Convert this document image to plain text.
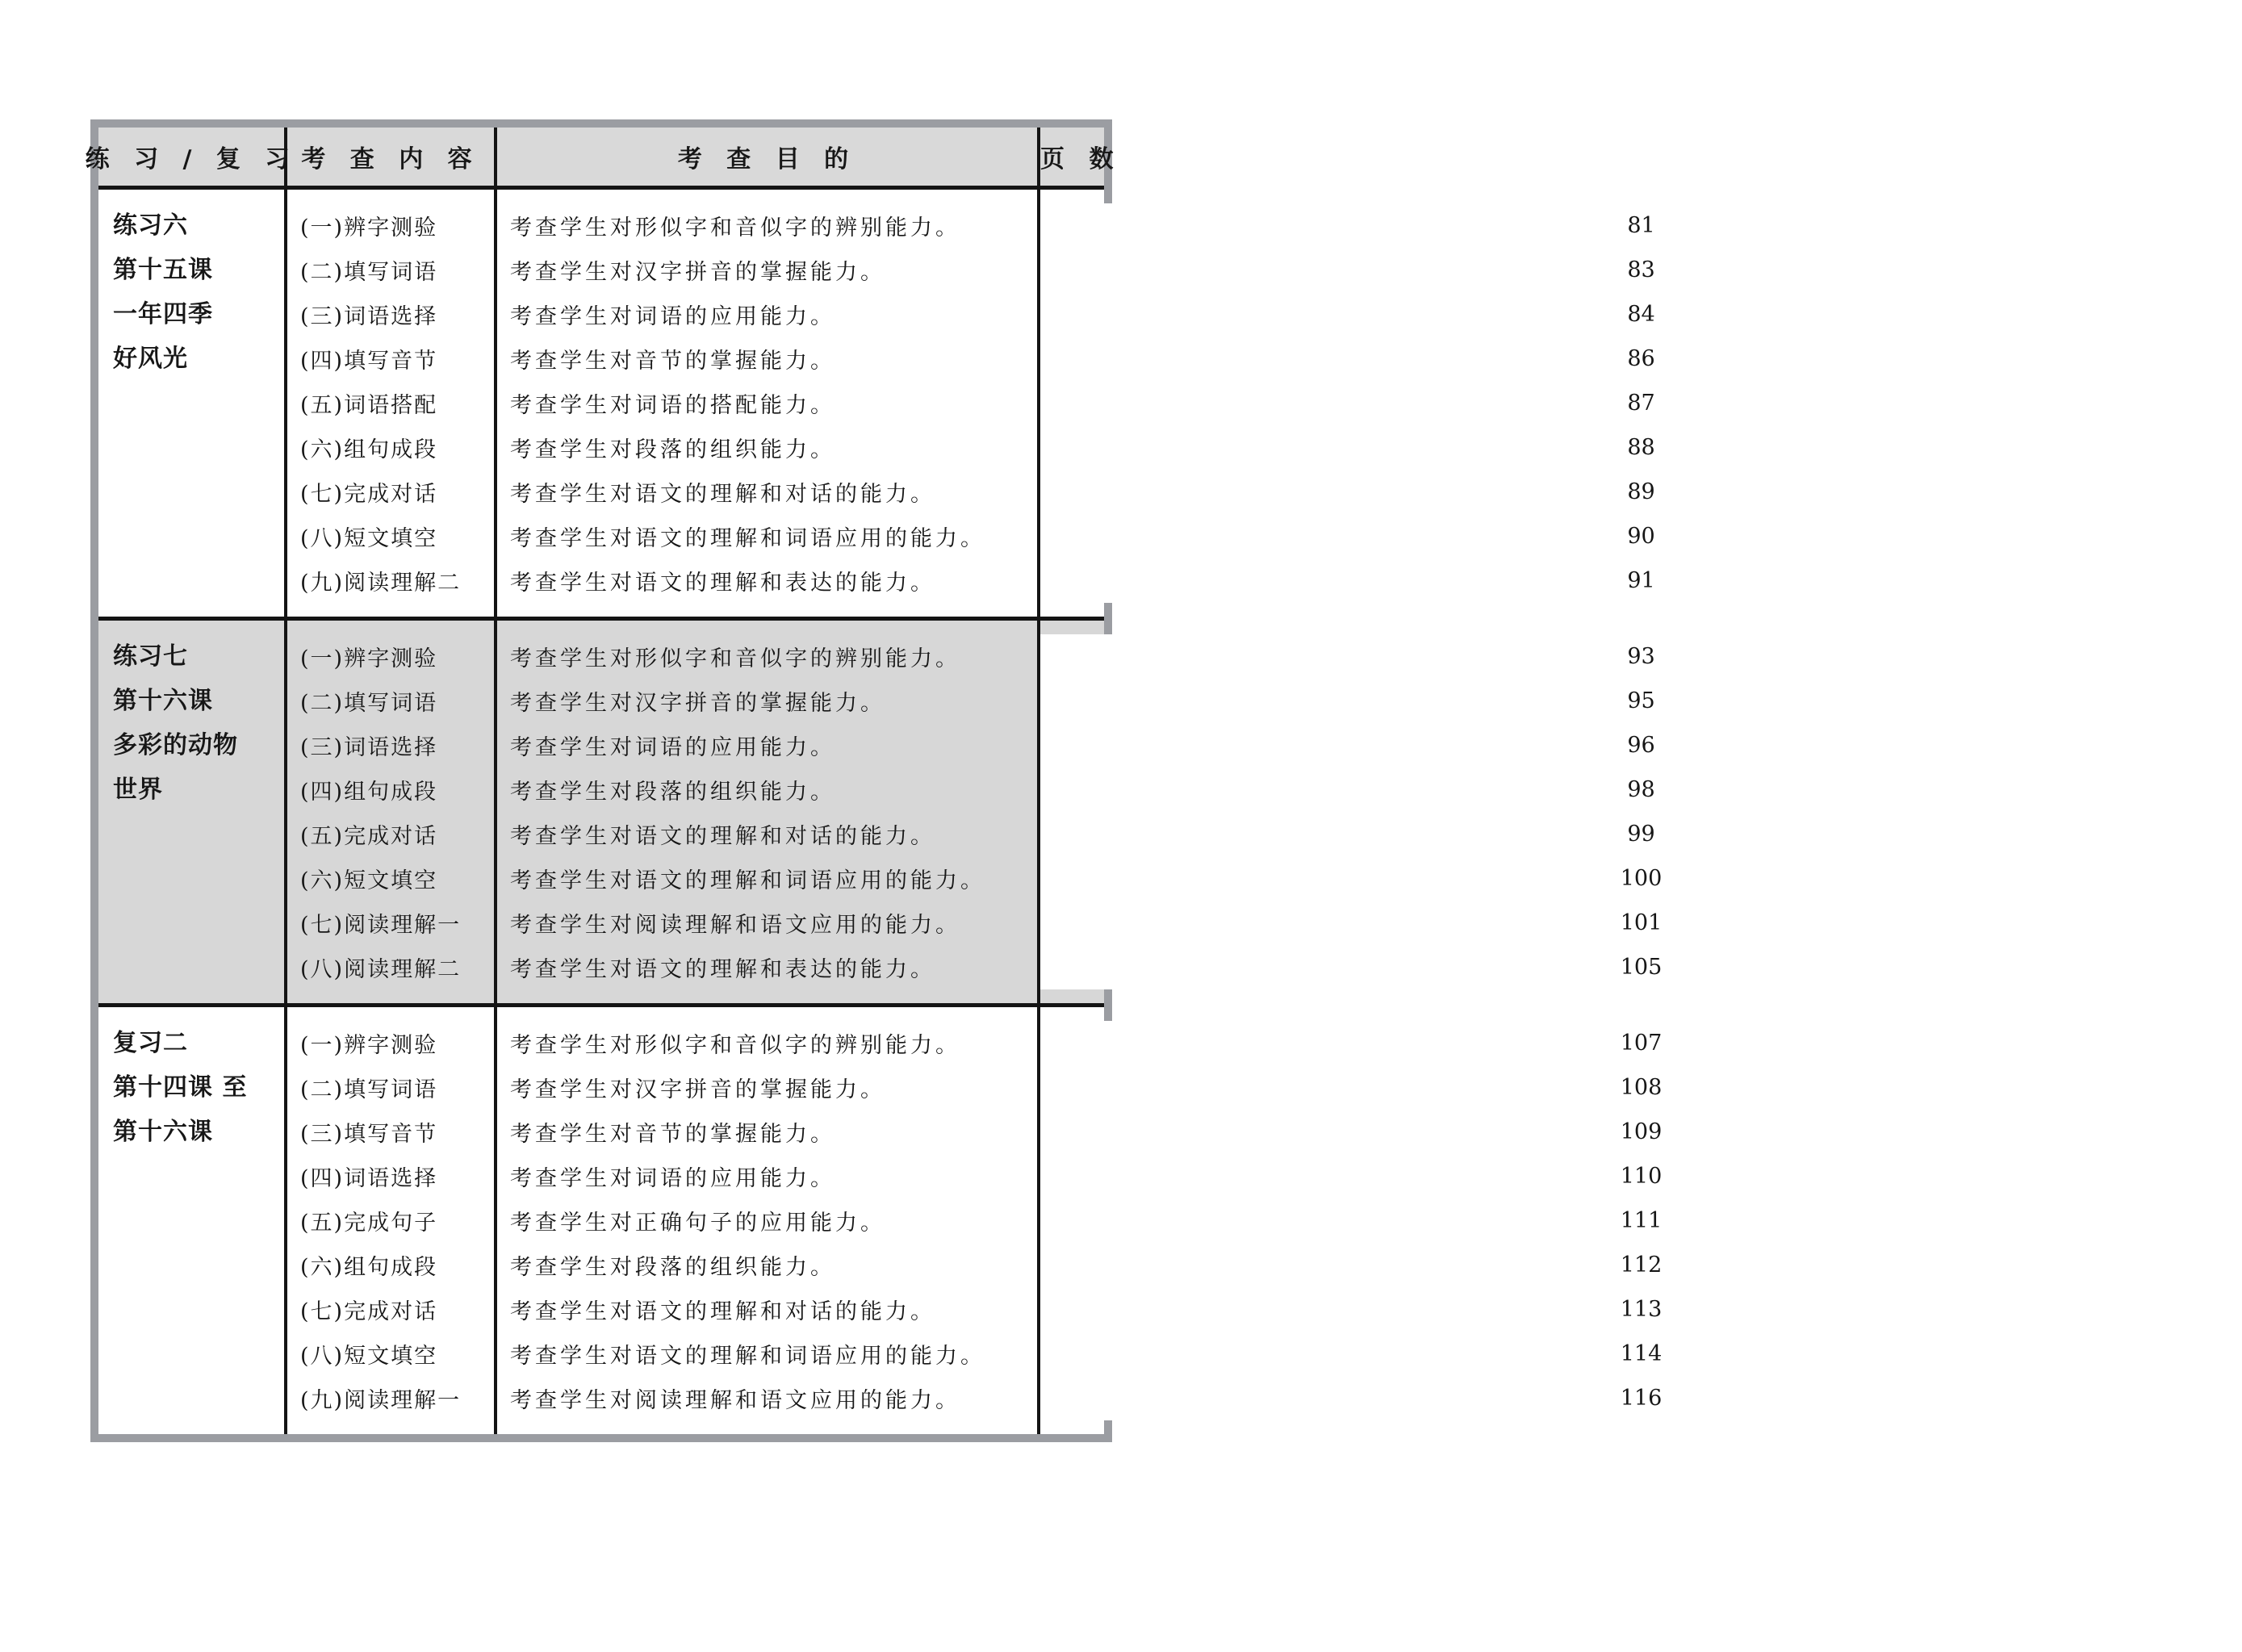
练 习 / 复 习 考 查 内 容	考 查 目 的	页 数
练习六
第十五课
一年四季
好风光
(一)辨字测验
(二)填写词语
(三)词语选择
(四)填写音节
(五)词语搭配
(六)组句成段
(七)完成对话
(八)短文填空
(九)阅读理解二
考查学生对形似字和音似字的辨别能力。
考查学生对汉字拼音的掌握能力。
考查学生对词语的应用能力。
考查学生对音节的掌握能力。
考查学生对词语的搭配能力。
考查学生对段落的组织能力。
考查学生对语文的理解和对话的能力。
考查学生对语文的理解和词语应用的能力。
考查学生对语文的理解和表达的能力。
81
83
84
86
87
88
89
90
91
练习七
第十六课
多彩的动物
世界
(一)辨字测验
(二)填写词语
(三)词语选择
(四)组句成段
(五)完成对话
(六)短文填空
(七)阅读理解一
(八)阅读理解二
考查学生对形似字和音似字的辨别能力。
考查学生对汉字拼音的掌握能力。
考查学生对词语的应用能力。
考查学生对段落的组织能力。
考查学生对语文的理解和对话的能力。
考查学生对语文的理解和词语应用的能力。
考查学生对阅读理解和语文应用的能力。
考查学生对语文的理解和表达的能力。
93
95
96
98
99
100
101
105
复习二
第十四课 至
第十六课
(一)辨字测验
(二)填写词语
(三)填写音节
(四)词语选择
(五)完成句子
(六)组句成段
(七)完成对话
(八)短文填空
(九)阅读理解一
考查学生对形似字和音似字的辨别能力。
考查学生对汉字拼音的掌握能力。
考查学生对音节的掌握能力。
考查学生对词语的应用能力。
考查学生对正确句子的应用能力。
考查学生对段落的组织能力。
考查学生对语文的理解和对话的能力。
考查学生对语文的理解和词语应用的能力。
考查学生对阅读理解和语文应用的能力。
107
108
109
110
111
112
113
114
116
